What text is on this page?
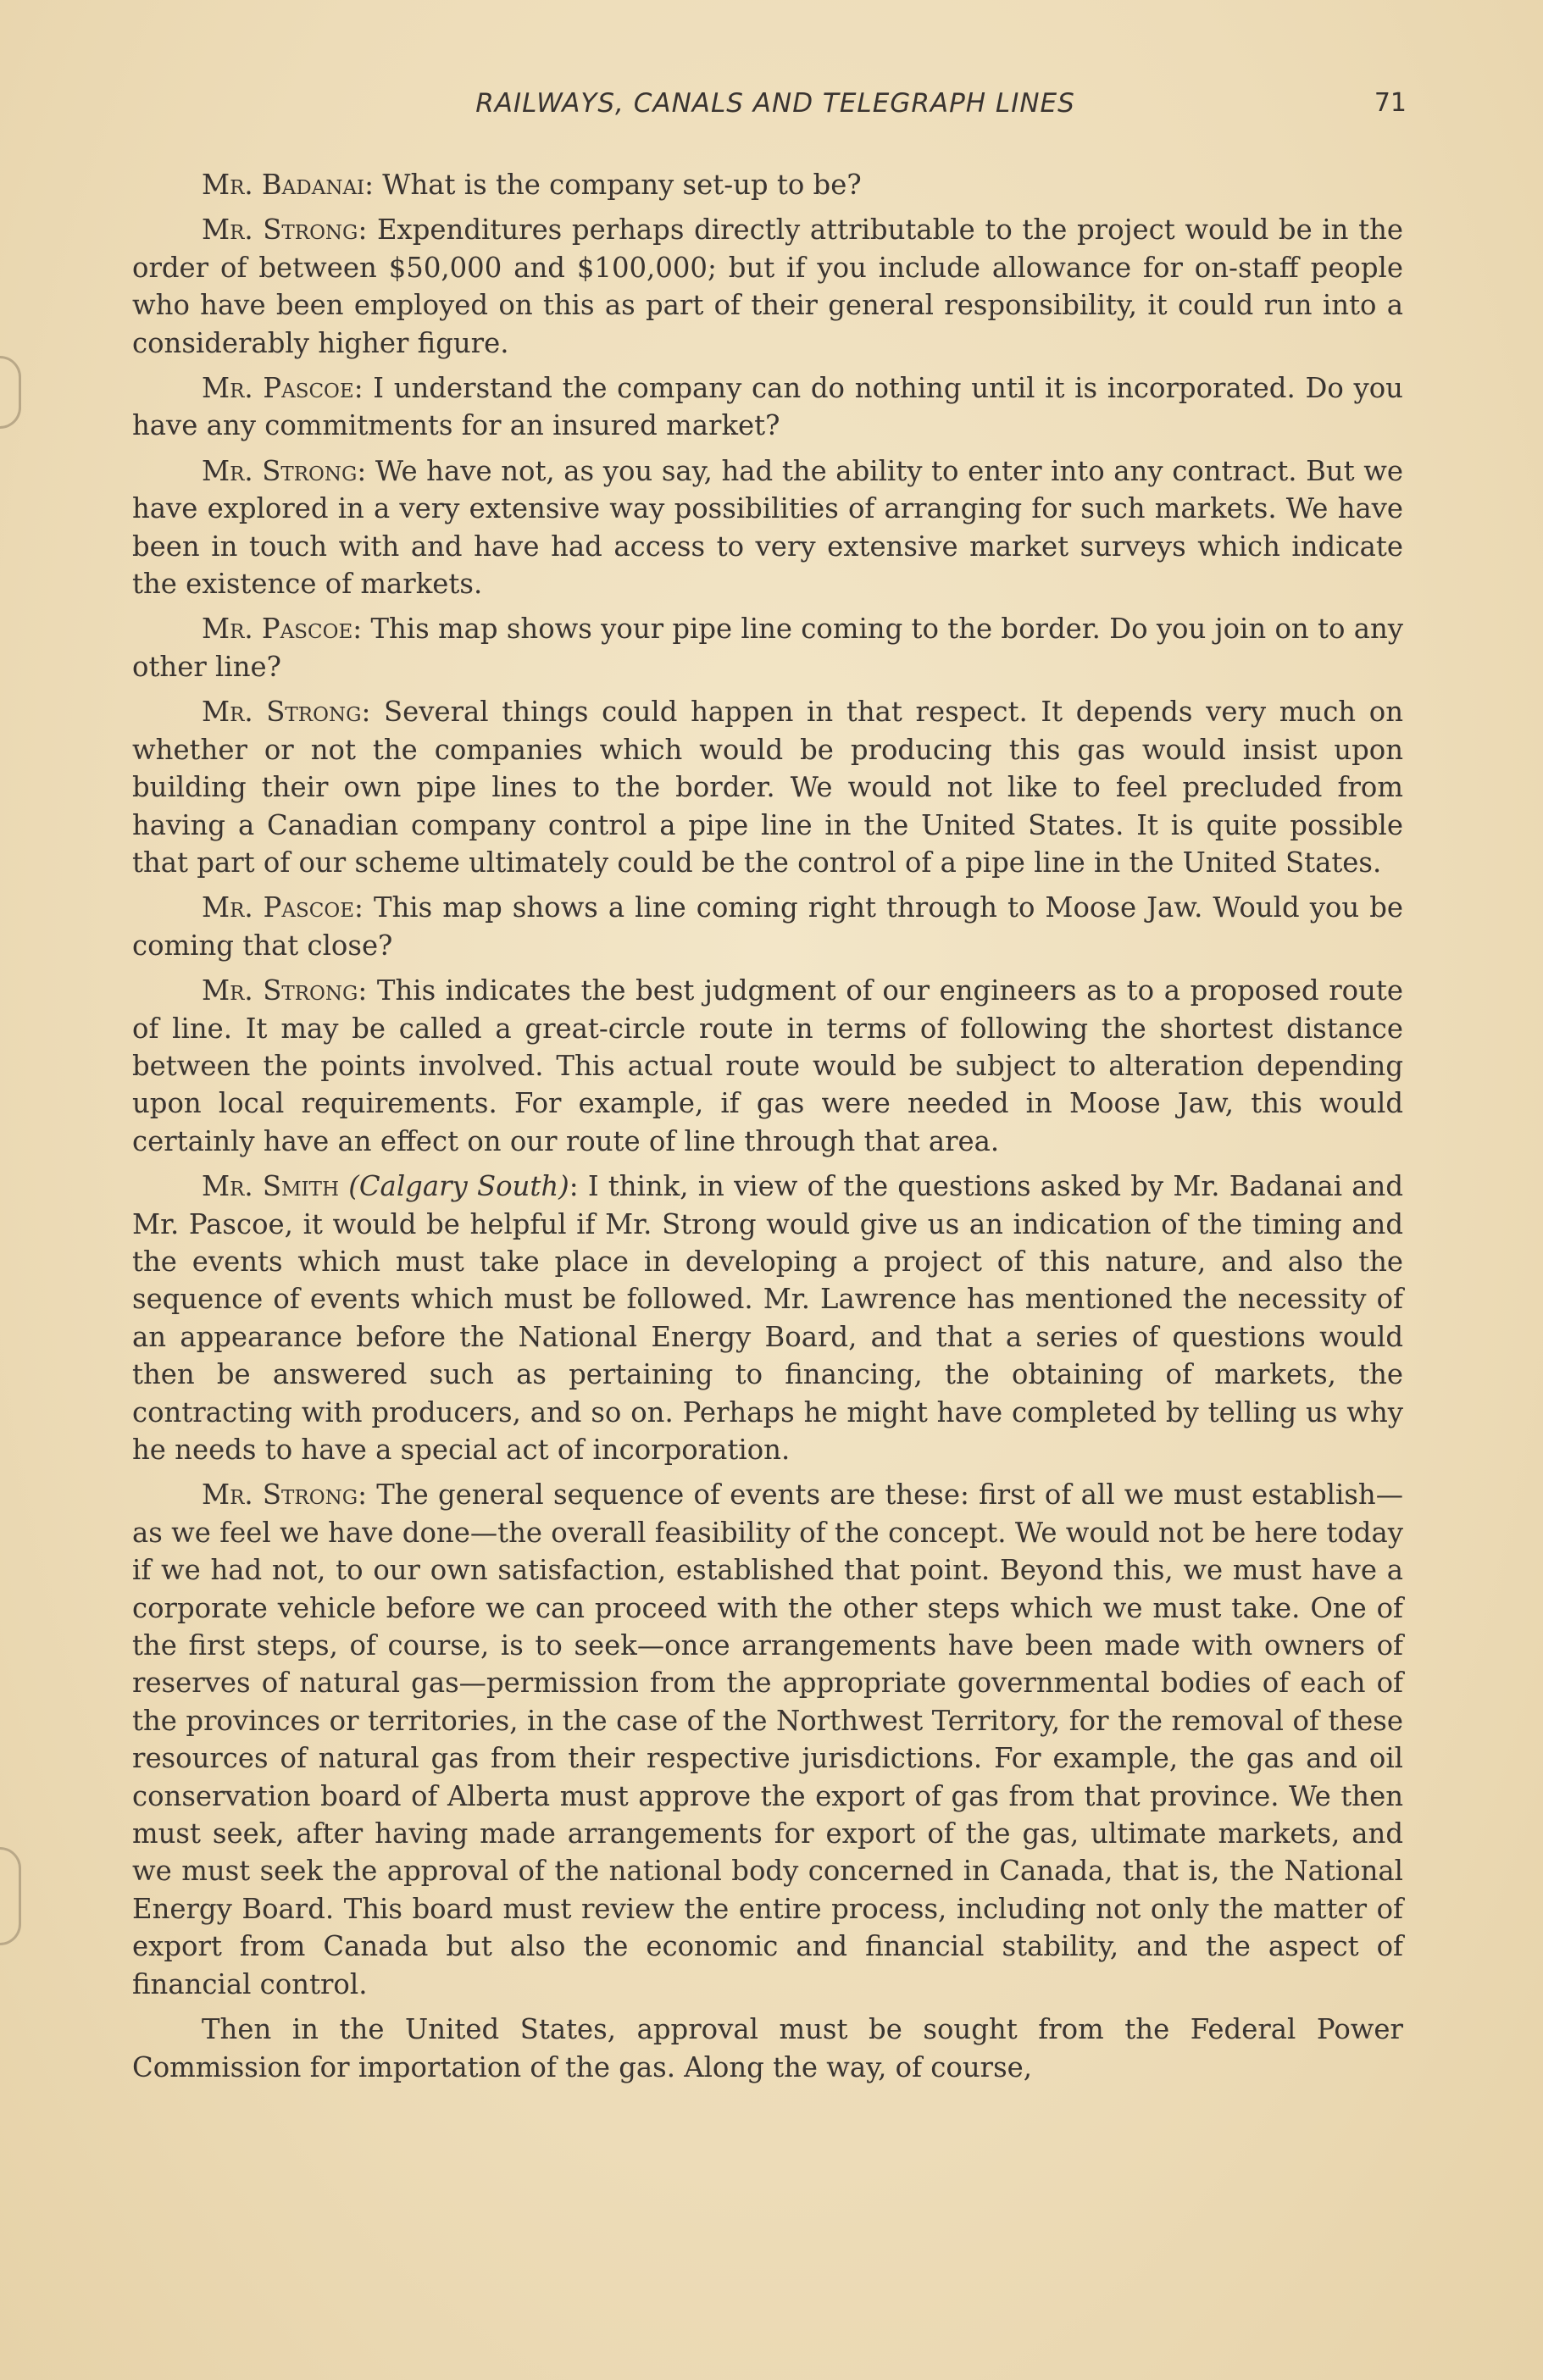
RAILWAYS, CANALS AND TELEGRAPH LINES	71

Mr. Badanai: What is the company set-up to be?

Mr. Strong: Expenditures perhaps directly attributable to the project would be in the order of between $50,000 and $100,000; but if you include allowance for on-staff people who have been employed on this as part of their general responsibility, it could run into a considerably higher figure.

Mr. Pascoe: I understand the company can do nothing until it is incorporated. Do you have any commitments for an insured market?

Mr. Strong: We have not, as you say, had the ability to enter into any contract. But we have explored in a very extensive way possibilities of arranging for such markets. We have been in touch with and have had access to very extensive market surveys which indicate the existence of markets.

Mr. Pascoe: This map shows your pipe line coming to the border. Do you join on to any other line?

Mr. Strong: Several things could happen in that respect. It depends very much on whether or not the companies which would be producing this gas would insist upon building their own pipe lines to the border. We would not like to feel precluded from having a Canadian company control a pipe line in the United States. It is quite possible that part of our scheme ultimately could be the control of a pipe line in the United States.

Mr. Pascoe: This map shows a line coming right through to Moose Jaw. Would you be coming that close?

Mr. Strong: This indicates the best judgment of our engineers as to a proposed route of line. It may be called a great-circle route in terms of following the shortest distance between the points involved. This actual route would be subject to alteration depending upon local requirements. For example, if gas were needed in Moose Jaw, this would certainly have an effect on our route of line through that area.

Mr. Smith (Calgary South): I think, in view of the questions asked by Mr. Badanai and Mr. Pascoe, it would be helpful if Mr. Strong would give us an indication of the timing and the events which must take place in developing a project of this nature, and also the sequence of events which must be followed. Mr. Lawrence has mentioned the necessity of an appearance before the National Energy Board, and that a series of questions would then be answered such as pertaining to financing, the obtaining of markets, the contracting with producers, and so on. Perhaps he might have completed by telling us why he needs to have a special act of incorporation.

Mr. Strong: The general sequence of events are these: first of all we must establish—as we feel we have done—the overall feasibility of the concept. We would not be here today if we had not, to our own satisfaction, established that point. Beyond this, we must have a corporate vehicle before we can proceed with the other steps which we must take. One of the first steps, of course, is to seek—once arrangements have been made with owners of reserves of natural gas—permission from the appropriate governmental bodies of each of the provinces or territories, in the case of the Northwest Territory, for the removal of these resources of natural gas from their respective jurisdictions. For example, the gas and oil conservation board of Alberta must approve the export of gas from that province. We then must seek, after having made arrangements for export of the gas, ultimate markets, and we must seek the approval of the national body concerned in Canada, that is, the National Energy Board. This board must review the entire process, including not only the matter of export from Canada but also the economic and financial stability, and the aspect of financial control.

Then in the United States, approval must be sought from the Federal Power Commission for importation of the gas. Along the way, of course,
